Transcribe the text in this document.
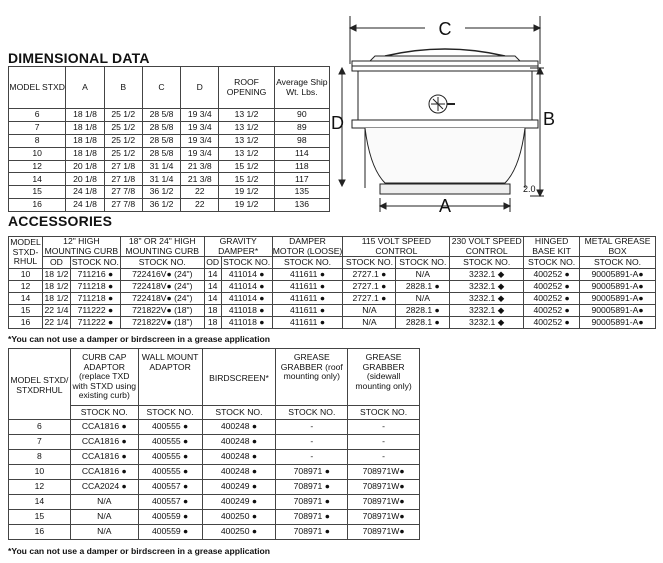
DIMENSIONAL DATA
MODEL STXD	A	B	C	D	ROOF OPENING	Average Ship Wt. Lbs.
6	18 1/8	25 1/2	28 5/8	19 3/4	13 1/2	90
7	18 1/8	25 1/2	28 5/8	19 3/4	13 1/2	89
8	18 1/8	25 1/2	28 5/8	19 3/4	13 1/2	98
10	18 1/8	25 1/2	28 5/8	19 3/4	13 1/2	114
12	20 1/8	27 1/8	31 1/4	21 3/8	15 1/2	118
14	20 1/8	27 1/8	31 1/4	21 3/8	15 1/2	117
15	24 1/8	27 7/8	36 1/2	22	19 1/2	135
16	24 1/8	27 7/8	36 1/2	22	19 1/2	136
C
D	B
A
2.0
ACCESSORIES
MODEL STXD-RHUL	12" HIGH MOUNTING CURB		18" OR 24" HIGH MOUNTING CURB	GRAVITY DAMPER*		DAMPER MOTOR (LOOSE)	115 VOLT SPEED CONTROL		230 VOLT SPEED CONTROL	HINGED BASE KIT	METAL GREASE BOX
	OD	STOCK NO.	STOCK NO.	OD	STOCK NO.	STOCK NO.	STOCK NO.	STOCK NO.	STOCK NO.	STOCK NO.	STOCK NO.
10	18 1/2	711216 ●	722416V● (24")	14	411014 ●	411611 ●	2727.1 ●	N/A	3232.1 ◆	400252 ●	90005891-A●
12	18 1/2	711218 ●	722418V● (24")	14	411014 ●	411611 ●	2727.1 ●	2828.1 ●	3232.1 ◆	400252 ●	90005891-A●
14	18 1/2	711218 ●	722418V● (24")	14	411014 ●	411611 ●	2727.1 ●	N/A	3232.1 ◆	400252 ●	90005891-A●
15	22 1/4	711222 ●	721822V● (18")	18	411018 ●	411611 ●	N/A	2828.1 ●	3232.1 ◆	400252 ●	90005891-A●
16	22 1/4	711222 ●	721822V● (18")	18	411018 ●	411611 ●	N/A	2828.1 ●	3232.1 ◆	400252 ●	90005891-A●
*You can not use a damper or birdscreen in a grease application
MODEL STXD/ STXDRHUL	CURB CAP ADAPTOR (replace TXD with STXD using existing curb)	WALL MOUNT ADAPTOR	BIRDSCREEN*	GREASE GRABBER (roof mounting only)	GREASE GRABBER (sidewall mounting only)
	STOCK NO.	STOCK NO.	STOCK NO.	STOCK NO.	STOCK NO.
6	CCA1816 ●	400555 ●	400248 ●	-	-
7	CCA1816 ●	400555 ●	400248 ●	-	-
8	CCA1816 ●	400555 ●	400248 ●	-	-
10	CCA1816 ●	400555 ●	400248 ●	708971 ●	708971W●
12	CCA2024 ●	400557 ●	400249 ●	708971 ●	708971W●
14	N/A	400557 ●	400249 ●	708971 ●	708971W●
15	N/A	400559 ●	400250 ●	708971 ●	708971W●
16	N/A	400559 ●	400250 ●	708971 ●	708971W●
*You can not use a damper or birdscreen in a grease application
